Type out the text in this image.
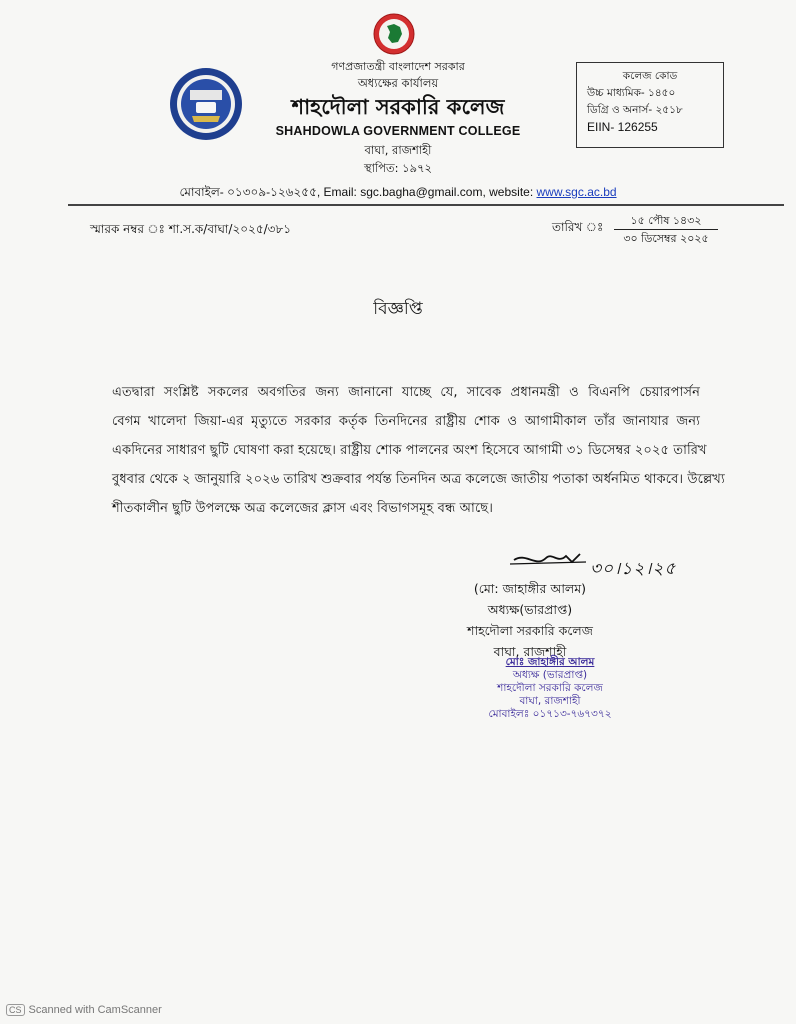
গণপ্রজাতন্ত্রী বাংলাদেশ সরকার
অধ্যক্ষের কার্যালয়
শাহদৌলা সরকারি কলেজ
SHAHDOWLA GOVERNMENT COLLEGE
বাঘা, রাজশাহী
স্থাপিত: ১৯৭২
কলেজ কোড
উচ্চ মাধ্যমিক- ১৪৫০
ডিগ্রি ও অনার্স- ২৫১৮
EIIN- 126255
মোবাইল- ০১৩০৯-১২৬২৫৫, Email: sgc.bagha@gmail.com, website: www.sgc.ac.bd
স্মারক নম্বর ঃ শা.স.ক/বাঘা/২০২৫/৩৮১	তারিখ ঃ	১৫ পৌষ ১৪৩২
৩০ ডিসেম্বর ২০২৫
বিজ্ঞপ্তি
এতদ্বারা সংশ্লিষ্ট সকলের অবগতির জন্য জানানো যাচ্ছে যে, সাবেক প্রধানমন্ত্রী ও বিএনপি চেয়ারপার্সন
বেগম খালেদা জিয়া-এর মৃত্যুতে সরকার কর্তৃক তিনদিনের রাষ্ট্রীয় শোক ও আগামীকাল তাঁর জানাযার জন্য
একদিনের সাধারণ ছুটি ঘোষণা করা হয়েছে। রাষ্ট্রীয় শোক পালনের অংশ হিসেবে আগামী ৩১ ডিসেম্বর ২০২৫ তারিখ
বুধবার থেকে ২ জানুয়ারি ২০২৬ তারিখ শুক্রবার পর্যন্ত তিনদিন অত্র কলেজে জাতীয় পতাকা অর্ধনমিত থাকবে। উল্লেখ্য
শীতকালীন ছুটি উপলক্ষে অত্র কলেজের ক্লাস এবং বিভাগসমূহ বন্ধ আছে।
৩০।১২।২৫
(মো: জাহাঙ্গীর আলম)
অধ্যক্ষ(ভারপ্রাপ্ত)
শাহদৌলা সরকারি কলেজ
বাঘা, রাজশাহী
মোঃ জাহাঙ্গীর আলম
অধ্যক্ষ (ভারপ্রাপ্ত)
শাহদৌলা সরকারি কলেজ
বাঘা, রাজশাহী
মোবাইলঃ ০১৭১৩-৭৬৭৩৭২
CS Scanned with CamScanner
